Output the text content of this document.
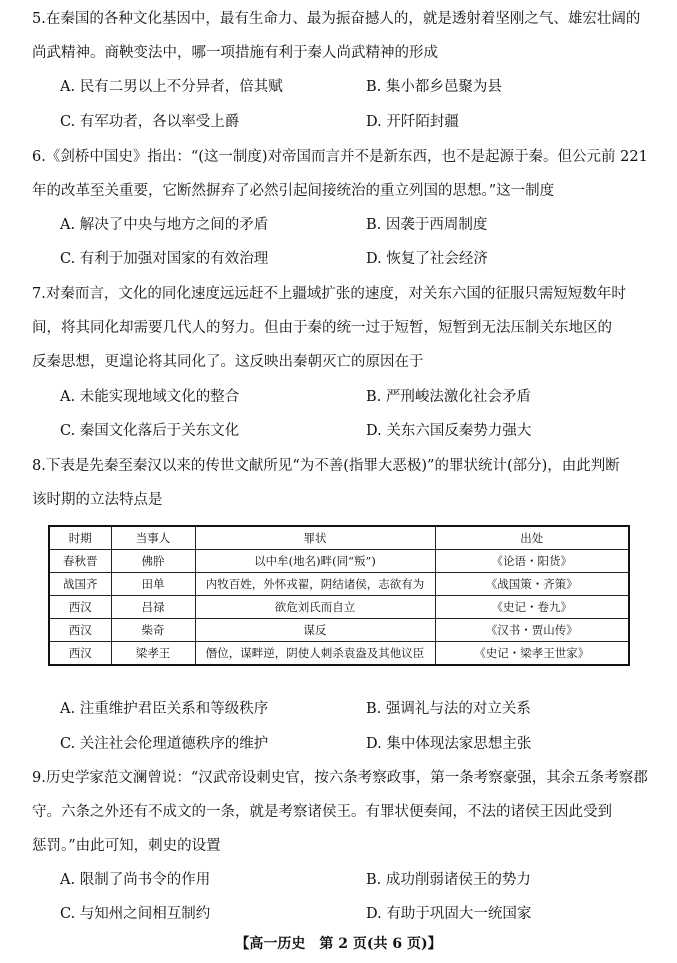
5.在秦国的各种文化基因中，最有生命力、最为振奋撼人的，就是透射着坚刚之气、雄宏壮阔的
尚武精神。商鞅变法中，哪一项措施有利于秦人尚武精神的形成
A. 民有二男以上不分异者，倍其赋	B. 集小都乡邑聚为县
C. 有军功者，各以率受上爵	D. 开阡陌封疆
6.《剑桥中国史》指出：“(这一制度)对帝国而言并不是新东西，也不是起源于秦。但公元前 221
年的改革至关重要，它断然摒弃了必然引起间接统治的重立列国的思想。”这一制度
A. 解决了中央与地方之间的矛盾	B. 因袭于西周制度
C. 有利于加强对国家的有效治理	D. 恢复了社会经济
7.对秦而言，文化的同化速度远远赶不上疆域扩张的速度，对关东六国的征服只需短短数年时
间，将其同化却需要几代人的努力。但由于秦的统一过于短暂，短暂到无法压制关东地区的
反秦思想，更遑论将其同化了。这反映出秦朝灭亡的原因在于
A. 未能实现地域文化的整合	B. 严刑峻法激化社会矛盾
C. 秦国文化落后于关东文化	D. 关东六国反秦势力强大
8.下表是先秦至秦汉以来的传世文献所见“为不善(指罪大恶极)”的罪状统计(部分)，由此判断
该时期的立法特点是
时期	当事人	罪状	出处
春秋晋	佛肸	以中牟(地名)畔(同“叛”)	《论语・阳货》
战国齐	田单	内牧百姓，外怀戎翟，阴结诸侯，志欲有为	《战国策・齐策》
西汉	吕禄	欲危刘氏而自立	《史记・卷九》
西汉	柴奇	谋反	《汉书・贾山传》
西汉	梁孝王	僭位，谋畔逆，阴使人刺杀袁盎及其他议臣	《史记・梁孝王世家》
A. 注重维护君臣关系和等级秩序	B. 强调礼与法的对立关系
C. 关注社会伦理道德秩序的维护	D. 集中体现法家思想主张
9.历史学家范文澜曾说：“汉武帝设刺史官，按六条考察政事，第一条考察豪强，其余五条考察郡
守。六条之外还有不成文的一条，就是考察诸侯王。有罪状便奏闻，不法的诸侯王因此受到
惩罚。”由此可知，刺史的设置
A. 限制了尚书令的作用	B. 成功削弱诸侯王的势力
C. 与知州之间相互制约	D. 有助于巩固大一统国家
【高一历史　第 2 页(共 6 页)】
